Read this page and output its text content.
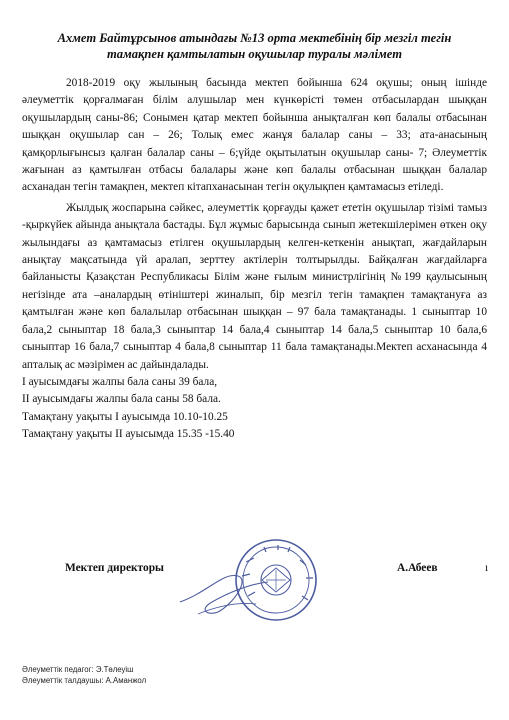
Ахмет Байтұрсынов атындағы №13 орта мектебінің бір мезгіл тегін
тамақпен қамтылатын оқушылар туралы мәлімет

2018-2019 оқу жылының басында мектеп бойынша 624 оқушы; оның ішінде әлеуметтік қорғалмаған білім алушылар мен күнкөрісті төмен отбасылардан шыққан оқушылардың саны-86; Сонымен қатар мектеп бойынша анықталған көп балалы отбасынан шыққан оқушылар сан – 26; Толық емес жанұя балалар саны – 33; ата-анасының қамқорлығынсыз қалған балалар саны – 6;үйде оқытылатын оқушылар саны- 7; Әлеуметтік жағынан аз қамтылған отбасы балалары және көп балалы отбасынан шыққан балалар асханадан тегін тамақпен, мектеп кітапханасынан тегін оқулықпен қамтамасыз етіледі.

Жылдық жоспарына сәйкес, әлеуметтік қорғауды қажет ететін оқушылар тізімі тамыз -қыркүйек айында анықтала бастады. Бұл жұмыс барысында сынып жетекшілерімен өткен оқу жылындағы аз қамтамасыз етілген оқушылардың келген-кеткенін анықтап, жағдайларын анықтау мақсатында үй аралап, зерттеу актілерін толтырылды. Байқалған жағдайларға байланысты Қазақстан Республикасы Білім және ғылым министрлігінің №199 қаулысының негізінде ата –аналардың өтініштері жиналып, бір мезгіл тегін тамақпен тамақтануға аз қамтылған және көп балалылар отбасынан шыққан – 97 бала тамақтанады. 1 сыныптар 10 бала,2 сыныптар 18 бала,3 сыныптар 14 бала,4 сыныптар 14 бала,5 сыныптар 10 бала,6 сыныптар 16 бала,7 сыныптар 4 бала,8 сыныптар 11 бала тамақтанады.Мектеп асханасында 4 апталық ас мәзірімен ас дайындалады.

I ауысымдағы жалпы бала саны 39 бала,

II ауысымдағы жалпы бала саны 58 бала.

Тамақтану уақыты I ауысымда 10.10-10.25

Тамақтану уақыты II ауысымда 15.35 -15.40

Мектеп директоры	А.Абеев	ı
Әлеуметтік педагог: Э.Төлеуіш
Әлеуметтік талдаушы: А.Аманжол
